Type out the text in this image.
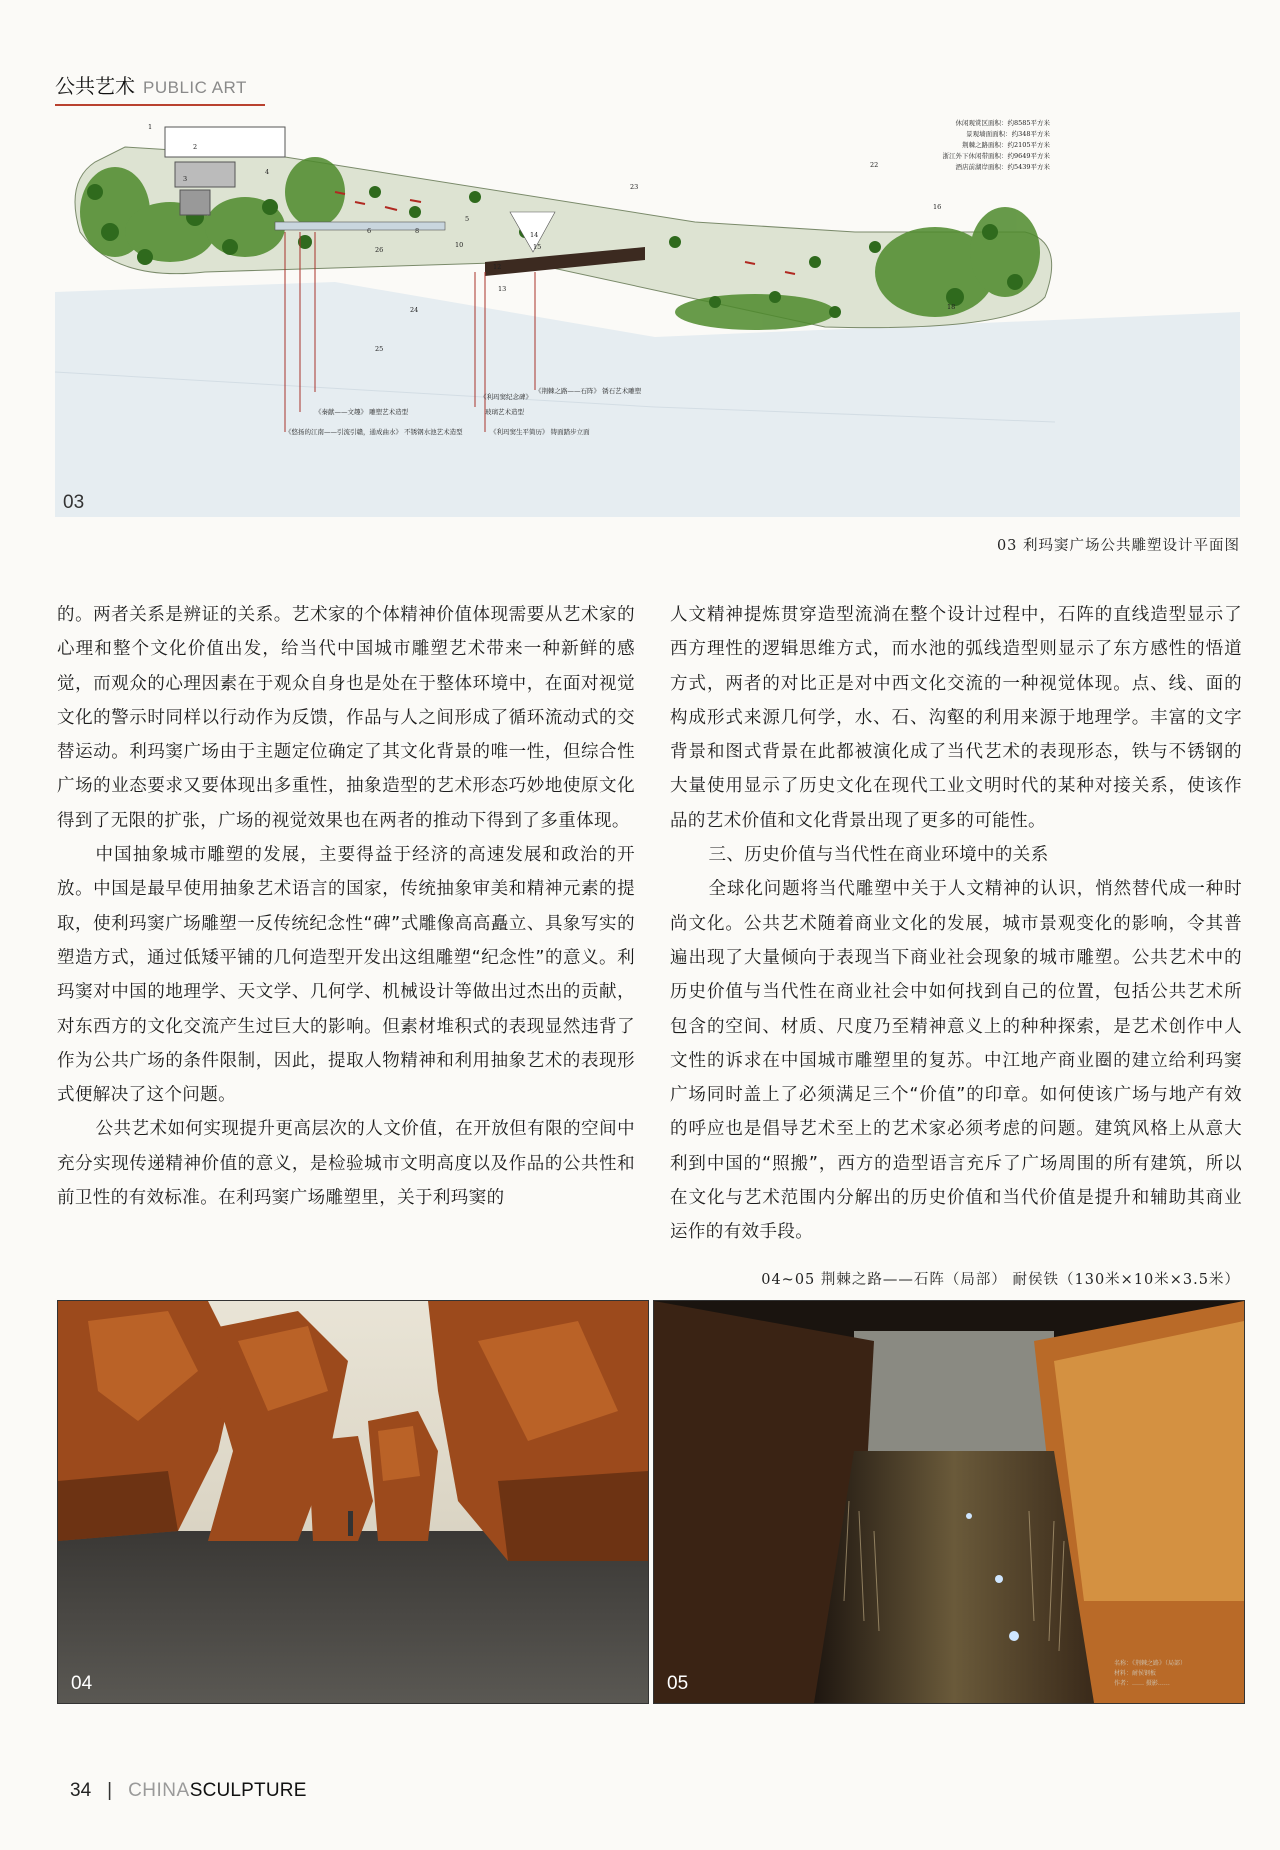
公共艺术 PUBLIC ART
1
2
3
4
5
6	8
10
12
13
14
15
16
18
22
23
24
25
26
休闲观赏区面积：约8585平方米
景观墙面面积：约348平方米
荆棘之路面积：约2105平方米
浙江外下休闲带面积：约9649平方米
酒店前湖岸面积：约5439平方米
《利玛窦纪念碑》
《荆棘之路——石阵》 锈石艺术雕塑
《秦献——文趣》 雕塑艺术造型	玻璃艺术造型
《悠扬的江南——引流引赣，通成曲水》 不锈钢水池艺术造型	《利玛窦生平简历》 铸面踏步立面
03
03 利玛窦广场公共雕塑设计平面图

的。两者关系是辨证的关系。艺术家的个体精神价值体现需要从艺术家的心理和整个文化价值出发，给当代中国城市雕塑艺术带来一种新鲜的感觉，而观众的心理因素在于观众自身也是处在于整体环境中，在面对视觉文化的警示时同样以行动作为反馈，作品与人之间形成了循环流动式的交替运动。利玛窦广场由于主题定位确定了其文化背景的唯一性，但综合性广场的业态要求又要体现出多重性，抽象造型的艺术形态巧妙地使原文化得到了无限的扩张，广场的视觉效果也在两者的推动下得到了多重体现。

中国抽象城市雕塑的发展，主要得益于经济的高速发展和政治的开放。中国是最早使用抽象艺术语言的国家，传统抽象审美和精神元素的提取，使利玛窦广场雕塑一反传统纪念性“碑”式雕像高高矗立、具象写实的塑造方式，通过低矮平铺的几何造型开发出这组雕塑“纪念性”的意义。利玛窦对中国的地理学、天文学、几何学、机械设计等做出过杰出的贡献，对东西方的文化交流产生过巨大的影响。但素材堆积式的表现显然违背了作为公共广场的条件限制，因此，提取人物精神和利用抽象艺术的表现形式便解决了这个问题。

公共艺术如何实现提升更高层次的人文价值，在开放但有限的空间中充分实现传递精神价值的意义，是检验城市文明高度以及作品的公共性和前卫性的有效标准。在利玛窦广场雕塑里，关于利玛窦的

人文精神提炼贯穿造型流淌在整个设计过程中，石阵的直线造型显示了西方理性的逻辑思维方式，而水池的弧线造型则显示了东方感性的悟道方式，两者的对比正是对中西文化交流的一种视觉体现。点、线、面的构成形式来源几何学，水、石、沟壑的利用来源于地理学。丰富的文字背景和图式背景在此都被演化成了当代艺术的表现形态，铁与不锈钢的大量使用显示了历史文化在现代工业文明时代的某种对接关系，使该作品的艺术价值和文化背景出现了更多的可能性。

三、历史价值与当代性在商业环境中的关系

全球化问题将当代雕塑中关于人文精神的认识，悄然替代成一种时尚文化。公共艺术随着商业文化的发展，城市景观变化的影响，令其普遍出现了大量倾向于表现当下商业社会现象的城市雕塑。公共艺术中的历史价值与当代性在商业社会中如何找到自己的位置，包括公共艺术所包含的空间、材质、尺度乃至精神意义上的种种探索，是艺术创作中人文性的诉求在中国城市雕塑里的复苏。中江地产商业圈的建立给利玛窦广场同时盖上了必须满足三个“价值”的印章。如何使该广场与地产有效的呼应也是倡导艺术至上的艺术家必须考虑的问题。建筑风格上从意大利到中国的“照搬”，西方的造型语言充斥了广场周围的所有建筑，所以在文化与艺术范围内分解出的历史价值和当代价值是提升和辅助其商业运作的有效手段。

04~05 荆棘之路——石阵（局部） 耐侯铁（130米×10米×3.5米）
04	05
名称：《荆棘之路》（局部）
材料：耐侯钢板
作者：…… 摄影……
34 | CHINASCULPTURE
